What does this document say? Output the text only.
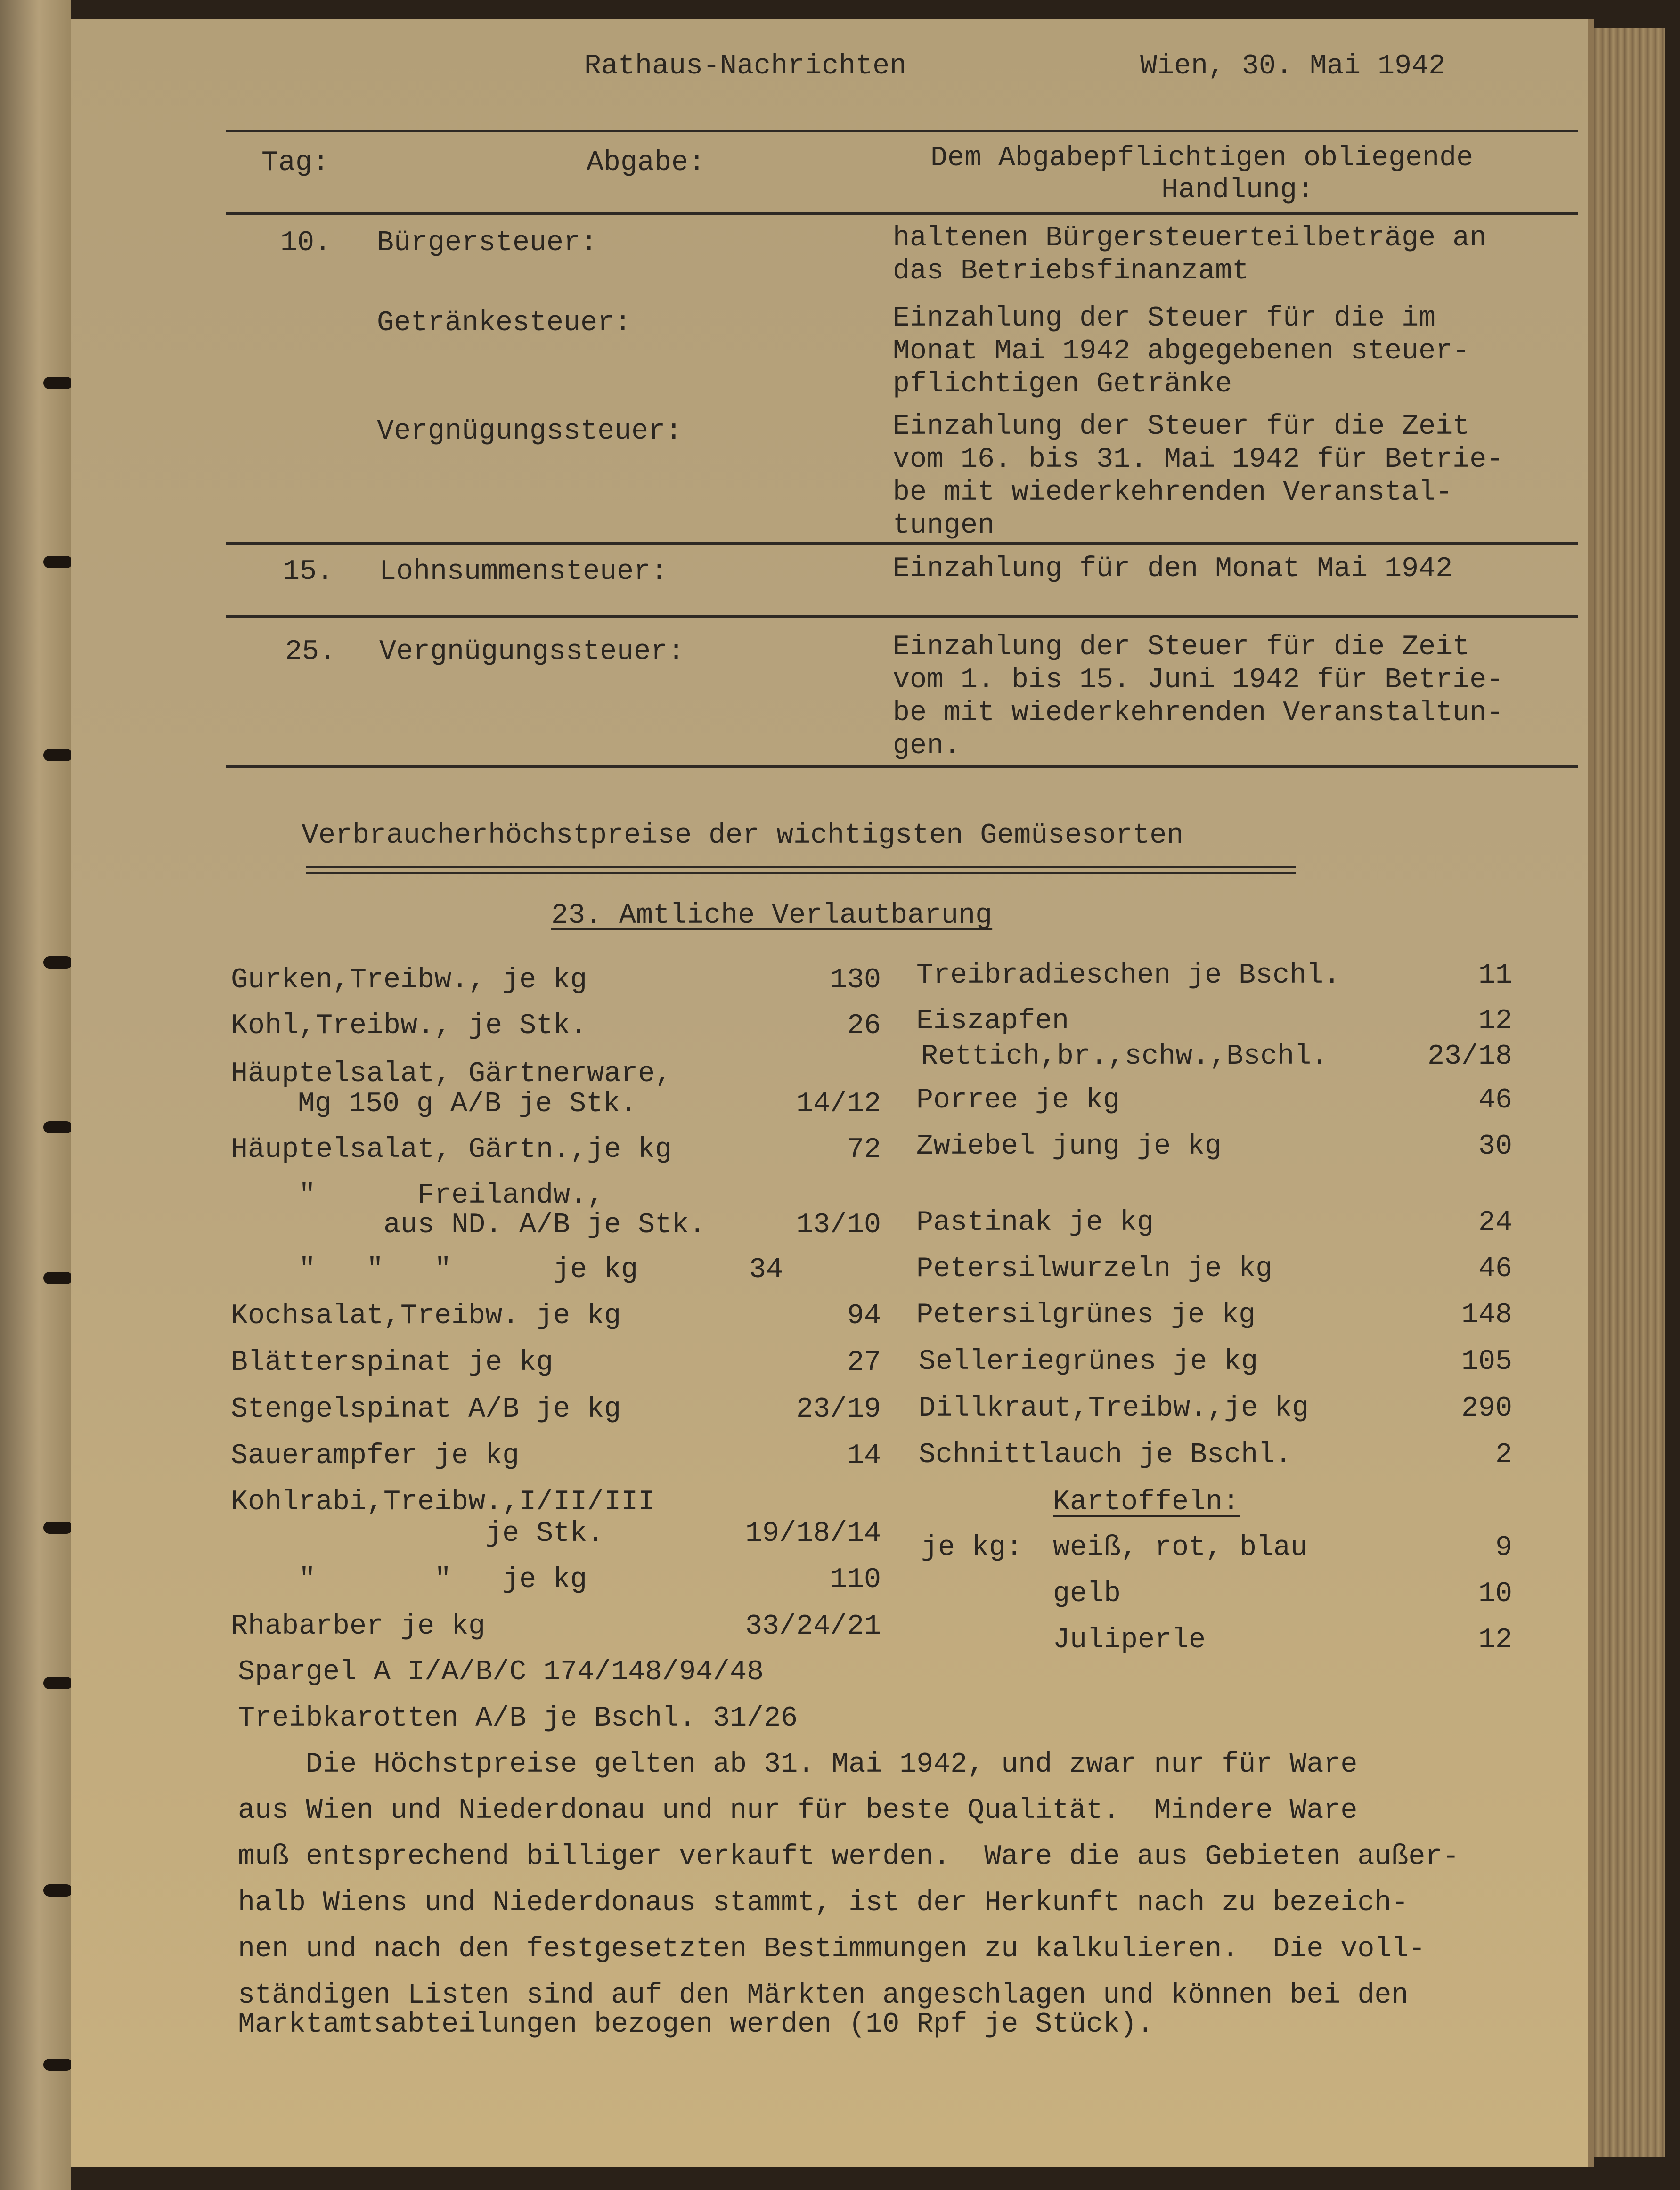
Rathaus-Nachrichten	Wien, 30. Mai 1942
Tag:	Abgabe:	Dem Abgabepflichtigen obliegende
Handlung:
10. Bürgersteuer:	haltenen Bürgersteuerteilbeträge an
das Betriebsfinanzamt
Getränkesteuer:	Einzahlung der Steuer für die im
Monat Mai 1942 abgegebenen steuer-
pflichtigen Getränke
Vergnügungssteuer:	Einzahlung der Steuer für die Zeit
vom 16. bis 31. Mai 1942 für Betrie-
be mit wiederkehrenden Veranstal-
tungen
15. Lohnsummensteuer:	Einzahlung für den Monat Mai 1942
25. Vergnügungssteuer:	Einzahlung der Steuer für die Zeit
vom 1. bis 15. Juni 1942 für Betrie-
be mit wiederkehrenden Veranstaltun-
gen.
Verbraucherhöchstpreise der wichtigsten Gemüsesorten
23. Amtliche Verlautbarung
Gurken,Treibw., je kg	130
Kohl,Treibw., je Stk.	26
Häuptelsalat, Gärtnerware,
Mg 150 g A/B je Stk.	14/12
Häuptelsalat, Gärtn.,je kg	72
"      Freilandw.,
aus ND. A/B je Stk.	13/10
"   "   "      je kg	34
Kochsalat,Treibw. je kg	94
Blätterspinat je kg	27
Stengelspinat A/B je kg	23/19
Sauerampfer je kg	14
Kohlrabi,Treibw.,I/II/III
je Stk.	19/18/14
"       "   je kg	110
Rhabarber je kg	33/24/21
Spargel A I/A/B/C 174/148/94/48
Treibkarotten A/B je Bschl. 31/26
Treibradieschen je Bschl.	11
Eiszapfen	12
Rettich,br.,schw.,Bschl.	23/18
Porree je kg	46
Zwiebel jung je kg	30
Pastinak je kg	24
Petersilwurzeln je kg	46
Petersilgrünes je kg	148
Selleriegrünes je kg	105
Dillkraut,Treibw.,je kg	290
Schnittlauch je Bschl.	2
Kartoffeln:
je kg: weiß, rot, blau	9
gelb	10
Juliperle	12
Die Höchstpreise gelten ab 31. Mai 1942, und zwar nur für Ware
aus Wien und Niederdonau und nur für beste Qualität.  Mindere Ware
muß entsprechend billiger verkauft werden.  Ware die aus Gebieten außer-
halb Wiens und Niederdonaus stammt, ist der Herkunft nach zu bezeich-
nen und nach den festgesetzten Bestimmungen zu kalkulieren.  Die voll-
ständigen Listen sind auf den Märkten angeschlagen und können bei den
Marktamtsabteilungen bezogen werden (10 Rpf je Stück).
